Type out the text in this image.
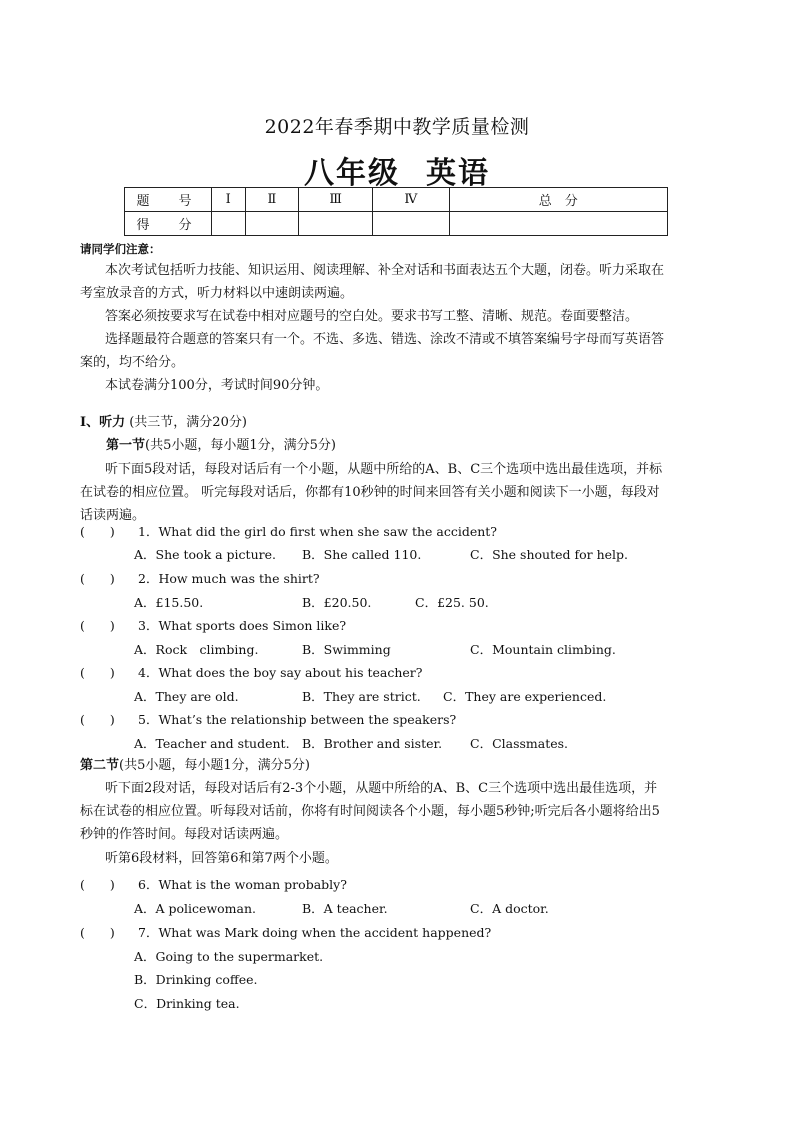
2022年春季期中教学质量检测
八年级 英语
题　号	Ⅰ	Ⅱ	Ⅲ	Ⅳ	总　分
得　分					
请同学们注意：
本次考试包括听力技能、知识运用、阅读理解、补全对话和书面表达五个大题，闭卷。听力采取在
考室放录音的方式，听力材料以中速朗读两遍。
答案必须按要求写在试卷中相对应题号的空白处。要求书写工整、清晰、规范。卷面要整洁。
选择题最符合题意的答案只有一个。不选、多选、错选、涂改不清或不填答案编号字母而写英语答
案的，均不给分。
本试卷满分100分，考试时间90分钟。
I、听力 (共三节，满分20分)
第一节(共5小题，每小题1分，满分5分)
听下面5段对话，每段对话后有一个小题，从题中所给的A、B、C三个选项中选出最佳选项，并标
在试卷的相应位置。 听完每段对话后，你都有10秒钟的时间来回答有关小题和阅读下一小题，每段对
话读两遍。
(　　) 1．What did the girl do first when she saw the accident?
A．She took a picture. B．She called 110.	C．She shouted for help.
(　　) 2．How much was the shirt?
A．£15.50.	B．£20.50.	C．£25. 50.
(　　) 3．What sports does Simon like?
A．Rock　climbing.	B．Swimming	C．Mountain climbing.
(　　) 4．What does the boy say about his teacher?
A．They are old.	B．They are strict. C．They are experienced.
(　　) 5．What’s the relationship between the speakers?
A．Teacher and student. B．Brother and sister. C．Classmates.
第二节(共5小题，每小题1分，满分5分)
听下面2段对话，每段对话后有2-3个小题，从题中所给的A、B、C三个选项中选出最佳选项，并
标在试卷的相应位置。听每段对话前，你将有时间阅读各个小题，每小题5秒钟;听完后各小题将给出5
秒钟的作答时间。每段对话读两遍。
听第6段材料，回答第6和第7两个小题。
(　　) 6．What is the woman probably?
A．A policewoman.	B．A teacher.	C．A doctor.
(　　) 7．What was Mark doing when the accident happened?
A．Going to the supermarket.
B．Drinking coffee.
C．Drinking tea.
